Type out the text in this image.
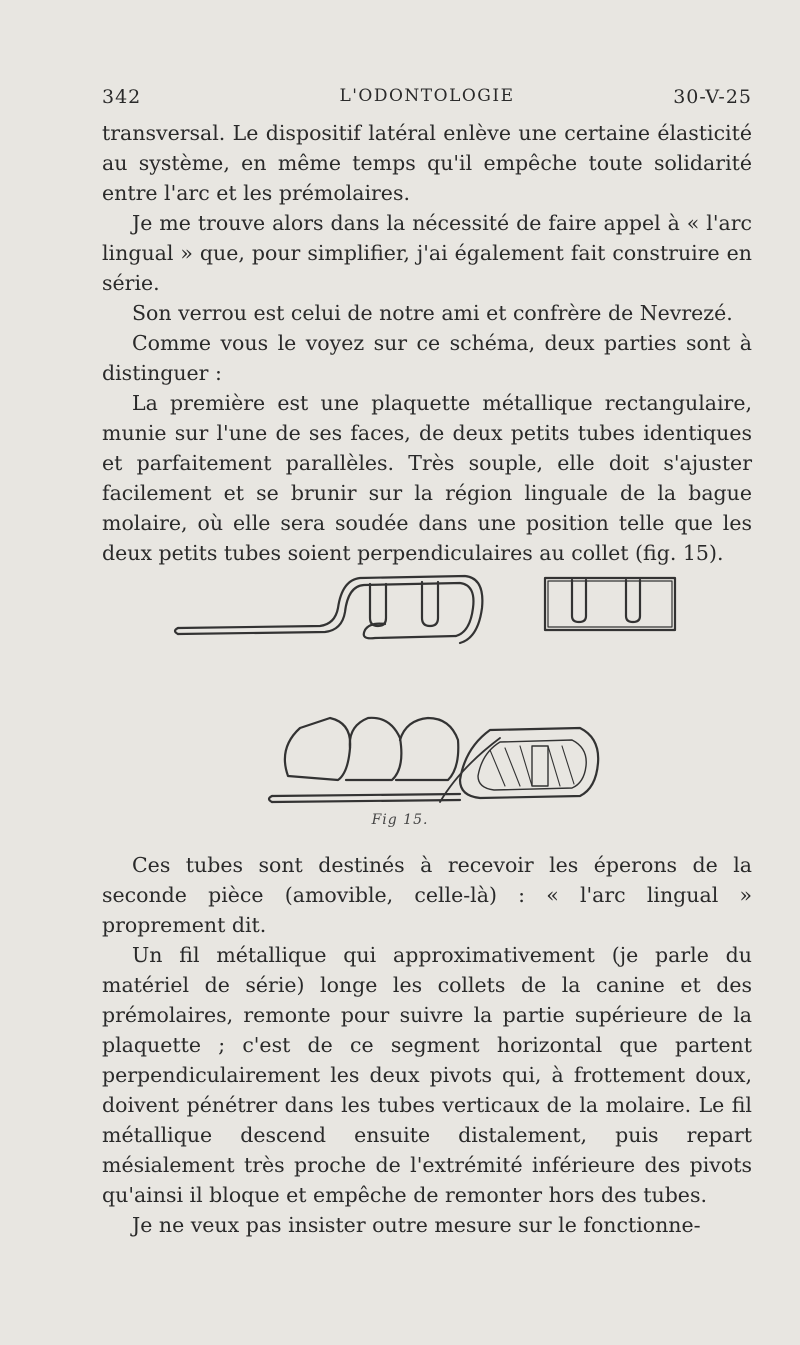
342	L'ODONTOLOGIE	30-V-25

transversal. Le dispositif latéral enlève une certaine élasticité au système, en même temps qu'il empêche toute solidarité entre l'arc et les prémolaires.

Je me trouve alors dans la nécessité de faire appel à « l'arc lingual » que, pour simplifier, j'ai également fait construire en série.

Son verrou est celui de notre ami et confrère de Nevrezé.

Comme vous le voyez sur ce schéma, deux parties sont à distinguer :

La première est une plaquette métallique rectangulaire, munie sur l'une de ses faces, de deux petits tubes identiques et parfaitement parallèles. Très souple, elle doit s'ajuster facilement et se brunir sur la région linguale de la bague molaire, où elle sera soudée dans une position telle que les deux petits tubes soient perpendiculaires au collet (fig. 15).

Fig 15.

Ces tubes sont destinés à recevoir les éperons de la seconde pièce (amovible, celle-là) : « l'arc lingual » proprement dit.

Un fil métallique qui approximativement (je parle du matériel de série) longe les collets de la canine et des prémolaires, remonte pour suivre la partie supérieure de la plaquette ; c'est de ce segment horizontal que partent perpendiculairement les deux pivots qui, à frottement doux, doivent pénétrer dans les tubes verticaux de la molaire. Le fil métallique descend ensuite distalement, puis repart mésialement très proche de l'extrémité inférieure des pivots qu'ainsi il bloque et empêche de remonter hors des tubes.

Je ne veux pas insister outre mesure sur le fonctionne-
